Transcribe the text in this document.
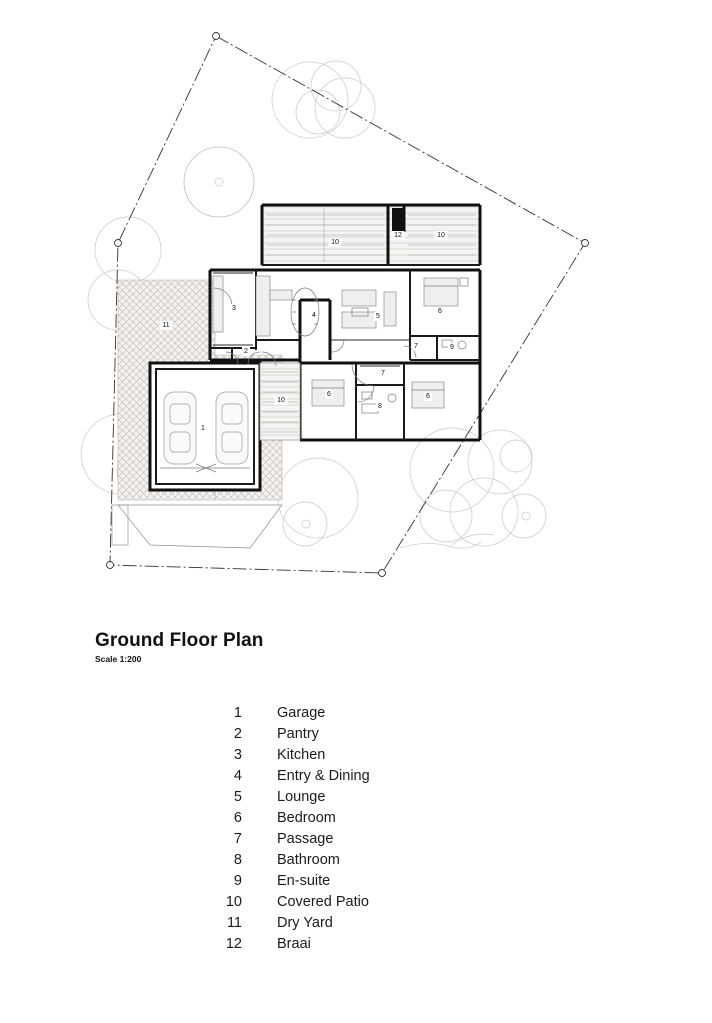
1
2
3
4	5
6
7	9
10
12	10
11
10
6
7
8
6

Ground Floor Plan

Scale 1:200

1 Garage
2 Pantry
3 Kitchen
4 Entry & Dining
5 Lounge
6 Bedroom
7 Passage
8 Bathroom
9 En-suite
10 Covered Patio
11 Dry Yard
12 Braai
